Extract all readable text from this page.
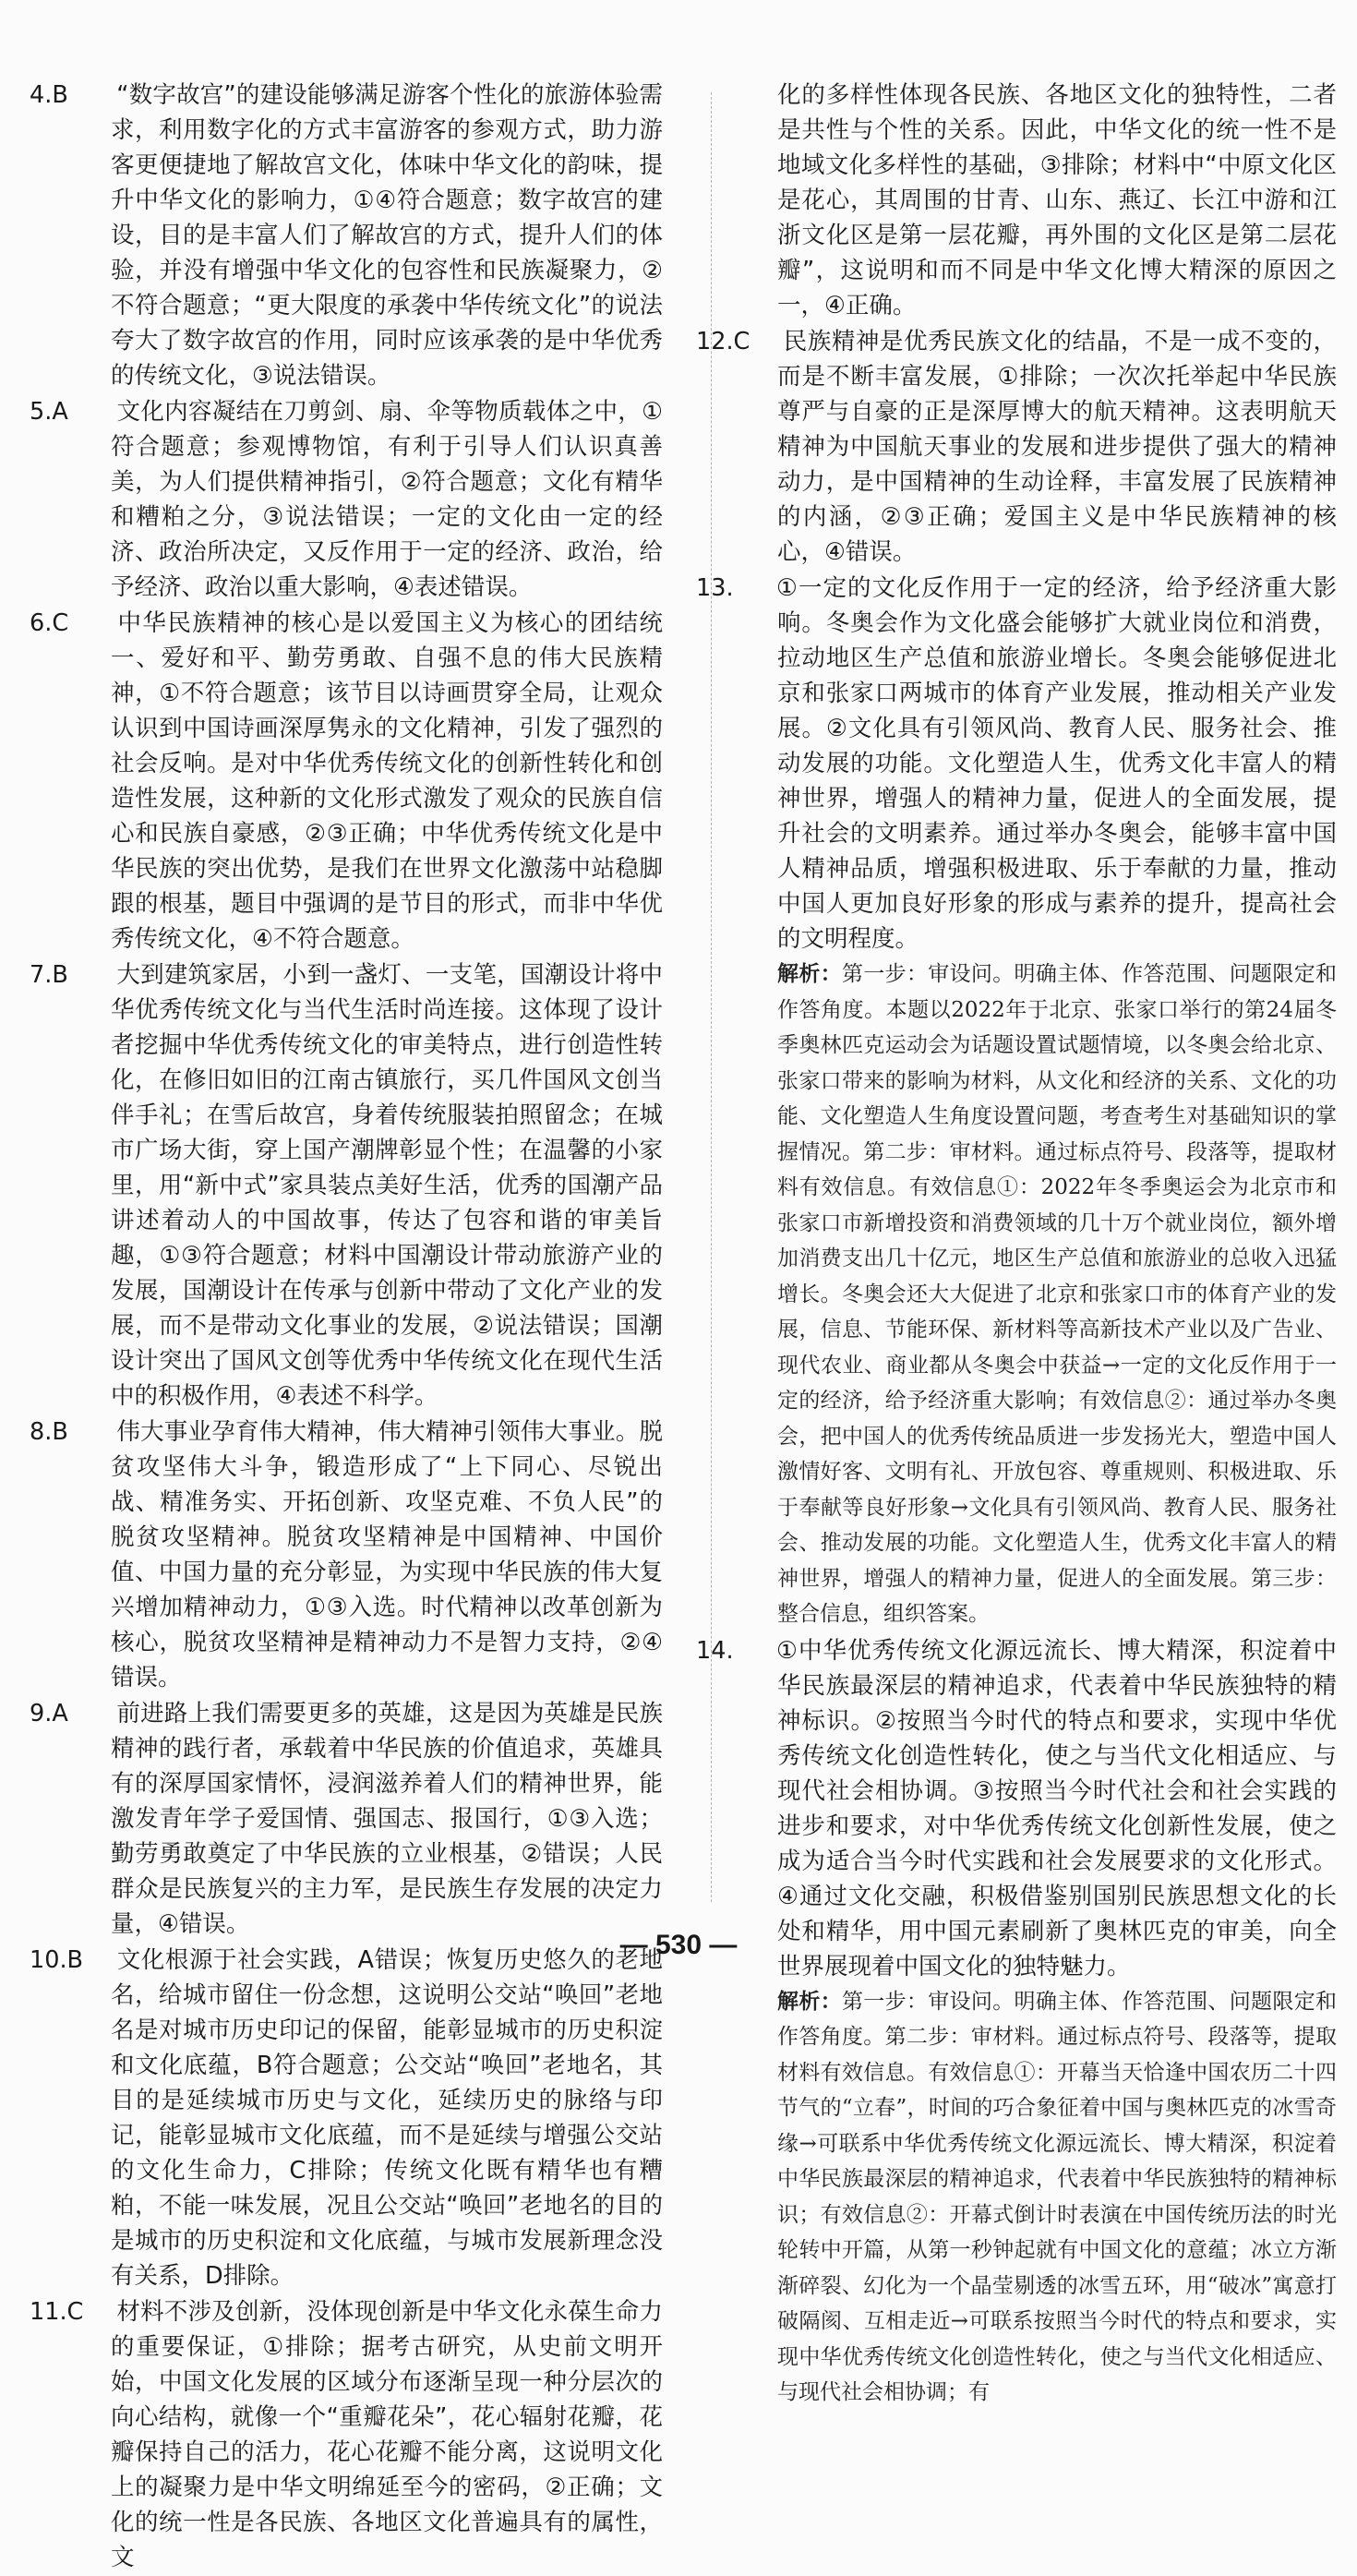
4.B “数字故宫”的建设能够满足游客个性化的旅游体验需求，利用数字化的方式丰富游客的参观方式，助力游客更便捷地了解故宫文化，体味中华文化的韵味，提升中华文化的影响力，①④符合题意；数字故宫的建设，目的是丰富人们了解故宫的方式，提升人们的体验，并没有增强中华文化的包容性和民族凝聚力，②不符合题意；“更大限度的承袭中华传统文化”的说法夸大了数字故宫的作用，同时应该承袭的是中华优秀的传统文化，③说法错误。
5.A 文化内容凝结在刀剪剑、扇、伞等物质载体之中，①符合题意；参观博物馆，有利于引导人们认识真善美，为人们提供精神指引，②符合题意；文化有精华和糟粕之分，③说法错误；一定的文化由一定的经济、政治所决定，又反作用于一定的经济、政治，给予经济、政治以重大影响，④表述错误。
6.C 中华民族精神的核心是以爱国主义为核心的团结统一、爱好和平、勤劳勇敢、自强不息的伟大民族精神，①不符合题意；该节目以诗画贯穿全局，让观众认识到中国诗画深厚隽永的文化精神，引发了强烈的社会反响。是对中华优秀传统文化的创新性转化和创造性发展，这种新的文化形式激发了观众的民族自信心和民族自豪感，②③正确；中华优秀传统文化是中华民族的突出优势，是我们在世界文化激荡中站稳脚跟的根基，题目中强调的是节目的形式，而非中华优秀传统文化，④不符合题意。
7.B 大到建筑家居，小到一盏灯、一支笔，国潮设计将中华优秀传统文化与当代生活时尚连接。这体现了设计者挖掘中华优秀传统文化的审美特点，进行创造性转化，在修旧如旧的江南古镇旅行，买几件国风文创当伴手礼；在雪后故宫，身着传统服装拍照留念；在城市广场大街，穿上国产潮牌彰显个性；在温馨的小家里，用“新中式”家具装点美好生活，优秀的国潮产品讲述着动人的中国故事，传达了包容和谐的审美旨趣，①③符合题意；材料中国潮设计带动旅游产业的发展，国潮设计在传承与创新中带动了文化产业的发展，而不是带动文化事业的发展，②说法错误；国潮设计突出了国风文创等优秀中华传统文化在现代生活中的积极作用，④表述不科学。
8.B 伟大事业孕育伟大精神，伟大精神引领伟大事业。脱贫攻坚伟大斗争，锻造形成了“上下同心、尽锐出战、精准务实、开拓创新、攻坚克难、不负人民”的脱贫攻坚精神。脱贫攻坚精神是中国精神、中国价值、中国力量的充分彰显，为实现中华民族的伟大复兴增加精神动力，①③入选。时代精神以改革创新为核心，脱贫攻坚精神是精神动力不是智力支持，②④错误。
9.A 前进路上我们需要更多的英雄，这是因为英雄是民族精神的践行者，承载着中华民族的价值追求，英雄具有的深厚国家情怀，浸润滋养着人们的精神世界，能激发青年学子爱国情、强国志、报国行，①③入选；勤劳勇敢奠定了中华民族的立业根基，②错误；人民群众是民族复兴的主力军，是民族生存发展的决定力量，④错误。
10.B 文化根源于社会实践，A错误；恢复历史悠久的老地名，给城市留住一份念想，这说明公交站“唤回”老地名是对城市历史印记的保留，能彰显城市的历史积淀和文化底蕴，B符合题意；公交站“唤回”老地名，其目的是延续城市历史与文化，延续历史的脉络与印记，能彰显城市文化底蕴，而不是延续与增强公交站的文化生命力，C排除；传统文化既有精华也有糟粕，不能一味发展，况且公交站“唤回”老地名的目的是城市的历史积淀和文化底蕴，与城市发展新理念没有关系，D排除。
11.C 材料不涉及创新，没体现创新是中华文化永葆生命力的重要保证，①排除；据考古研究，从史前文明开始，中国文化发展的区域分布逐渐呈现一种分层次的向心结构，就像一个“重瓣花朵”，花心辐射花瓣，花瓣保持自己的活力，花心花瓣不能分离，这说明文化上的凝聚力是中华文明绵延至今的密码，②正确；文化的统一性是各民族、各地区文化普遍具有的属性，文
化的多样性体现各民族、各地区文化的独特性，二者是共性与个性的关系。因此，中华文化的统一性不是地域文化多样性的基础，③排除；材料中“中原文化区是花心，其周围的甘青、山东、燕辽、长江中游和江浙文化区是第一层花瓣，再外围的文化区是第二层花瓣”，这说明和而不同是中华文化博大精深的原因之一，④正确。
12.C 民族精神是优秀民族文化的结晶，不是一成不变的，而是不断丰富发展，①排除；一次次托举起中华民族尊严与自豪的正是深厚博大的航天精神。这表明航天精神为中国航天事业的发展和进步提供了强大的精神动力，是中国精神的生动诠释，丰富发展了民族精神的内涵，②③正确；爱国主义是中华民族精神的核心，④错误。
13. ①一定的文化反作用于一定的经济，给予经济重大影响。冬奥会作为文化盛会能够扩大就业岗位和消费，拉动地区生产总值和旅游业增长。冬奥会能够促进北京和张家口两城市的体育产业发展，推动相关产业发展。②文化具有引领风尚、教育人民、服务社会、推动发展的功能。文化塑造人生，优秀文化丰富人的精神世界，增强人的精神力量，促进人的全面发展，提升社会的文明素养。通过举办冬奥会，能够丰富中国人精神品质，增强积极进取、乐于奉献的力量，推动中国人更加良好形象的形成与素养的提升，提高社会的文明程度。
解析：第一步：审设问。明确主体、作答范围、问题限定和作答角度。本题以2022年于北京、张家口举行的第24届冬季奥林匹克运动会为话题设置试题情境，以冬奥会给北京、张家口带来的影响为材料，从文化和经济的关系、文化的功能、文化塑造人生角度设置问题，考查考生对基础知识的掌握情况。第二步：审材料。通过标点符号、段落等，提取材料有效信息。有效信息①：2022年冬季奥运会为北京市和张家口市新增投资和消费领域的几十万个就业岗位，额外增加消费支出几十亿元，地区生产总值和旅游业的总收入迅猛增长。冬奥会还大大促进了北京和张家口市的体育产业的发展，信息、节能环保、新材料等高新技术产业以及广告业、现代农业、商业都从冬奥会中获益→一定的文化反作用于一定的经济，给予经济重大影响；有效信息②：通过举办冬奥会，把中国人的优秀传统品质进一步发扬光大，塑造中国人激情好客、文明有礼、开放包容、尊重规则、积极进取、乐于奉献等良好形象→文化具有引领风尚、教育人民、服务社会、推动发展的功能。文化塑造人生，优秀文化丰富人的精神世界，增强人的精神力量，促进人的全面发展。第三步：整合信息，组织答案。
14. ①中华优秀传统文化源远流长、博大精深，积淀着中华民族最深层的精神追求，代表着中华民族独特的精神标识。②按照当今时代的特点和要求，实现中华优秀传统文化创造性转化，使之与当代文化相适应、与现代社会相协调。③按照当今时代社会和社会实践的进步和要求，对中华优秀传统文化创新性发展，使之成为适合当今时代实践和社会发展要求的文化形式。④通过文化交融，积极借鉴别国别民族思想文化的长处和精华，用中国元素刷新了奥林匹克的审美，向全世界展现着中国文化的独特魅力。
解析：第一步：审设问。明确主体、作答范围、问题限定和作答角度。第二步：审材料。通过标点符号、段落等，提取材料有效信息。有效信息①：开幕当天恰逢中国农历二十四节气的“立春”，时间的巧合象征着中国与奥林匹克的冰雪奇缘→可联系中华优秀传统文化源远流长、博大精深，积淀着中华民族最深层的精神追求，代表着中华民族独特的精神标识；有效信息②：开幕式倒计时表演在中国传统历法的时光轮转中开篇，从第一秒钟起就有中国文化的意蕴；冰立方渐渐碎裂、幻化为一个晶莹剔透的冰雪五环，用“破冰”寓意打破隔阂、互相走近→可联系按照当今时代的特点和要求，实现中华优秀传统文化创造性转化，使之与当代文化相适应、与现代社会相协调；有
— 530 —
